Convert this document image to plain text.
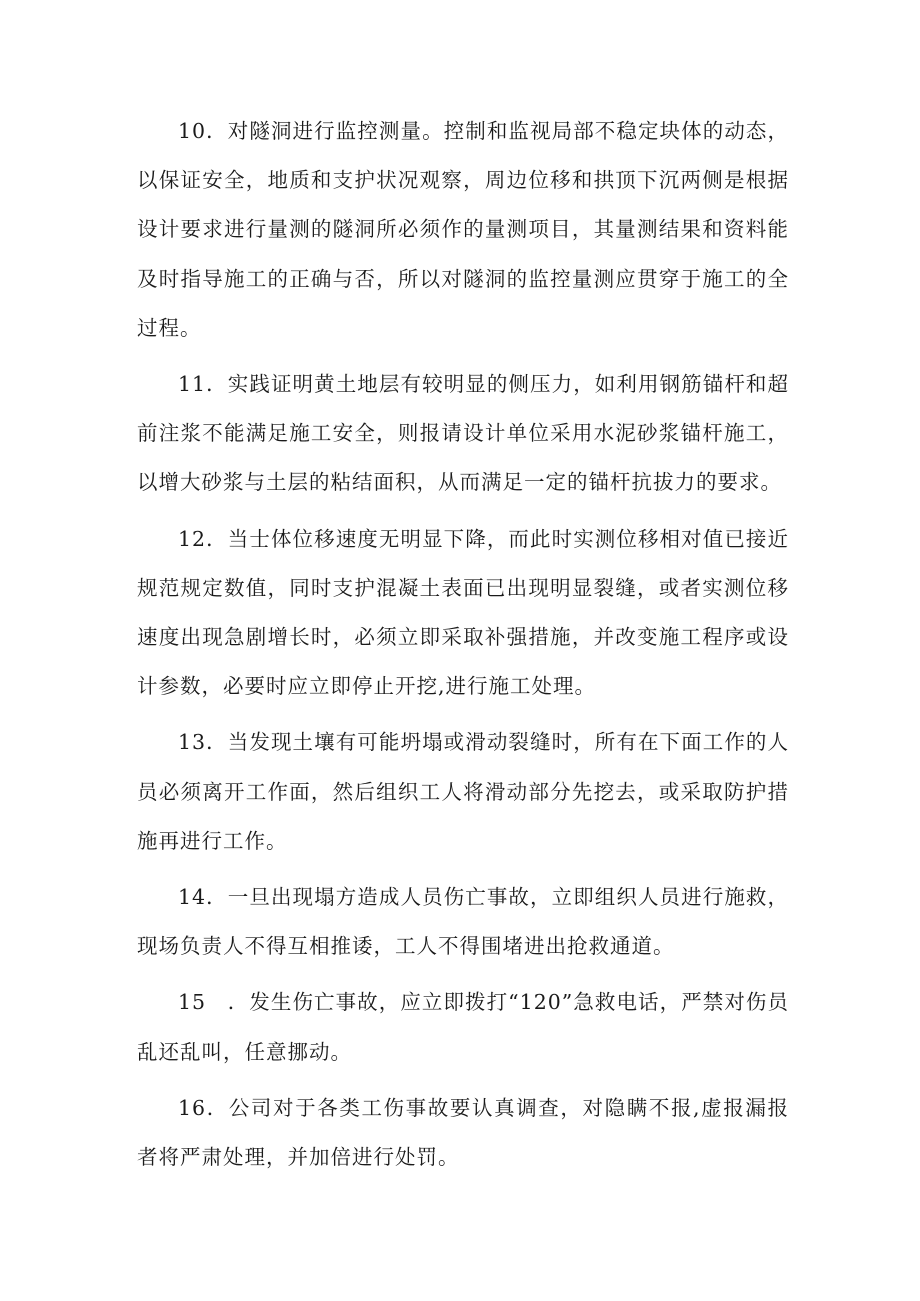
10．对隧洞进行监控测量。控制和监视局部不稳定块体的动态，以保证安全，地质和支护状况观察，周边位移和拱顶下沉两侧是根据设计要求进行量测的隧洞所必须作的量测项目，其量测结果和资料能及时指导施工的正确与否，所以对隧洞的监控量测应贯穿于施工的全过程。

11．实践证明黄土地层有较明显的侧压力，如利用钢筋锚杆和超前注浆不能满足施工安全，则报请设计单位采用水泥砂浆锚杆施工，以增大砂浆与土层的粘结面积，从而满足一定的锚杆抗拔力的要求。

12．当士体位移速度无明显下降，而此时实测位移相对值已接近规范规定数值，同时支护混凝土表面已出现明显裂缝，或者实测位移速度出现急剧增长时，必须立即采取补强措施，并改变施工程序或设计参数，必要时应立即停止开挖,进行施工处理。

13．当发现土壤有可能坍塌或滑动裂缝时，所有在下面工作的人员必须离开工作面，然后组织工人将滑动部分先挖去，或采取防护措施再进行工作。

14．一旦出现塌方造成人员伤亡事故，立即组织人员进行施救，现场负责人不得互相推诿，工人不得围堵进出抢救通道。

15　．发生伤亡事故，应立即拨打“120”急救电话，严禁对伤员乱还乱叫，任意挪动。

16．公司对于各类工伤事故要认真调查，对隐瞒不报,虚报漏报者将严肃处理，并加倍进行处罚。
